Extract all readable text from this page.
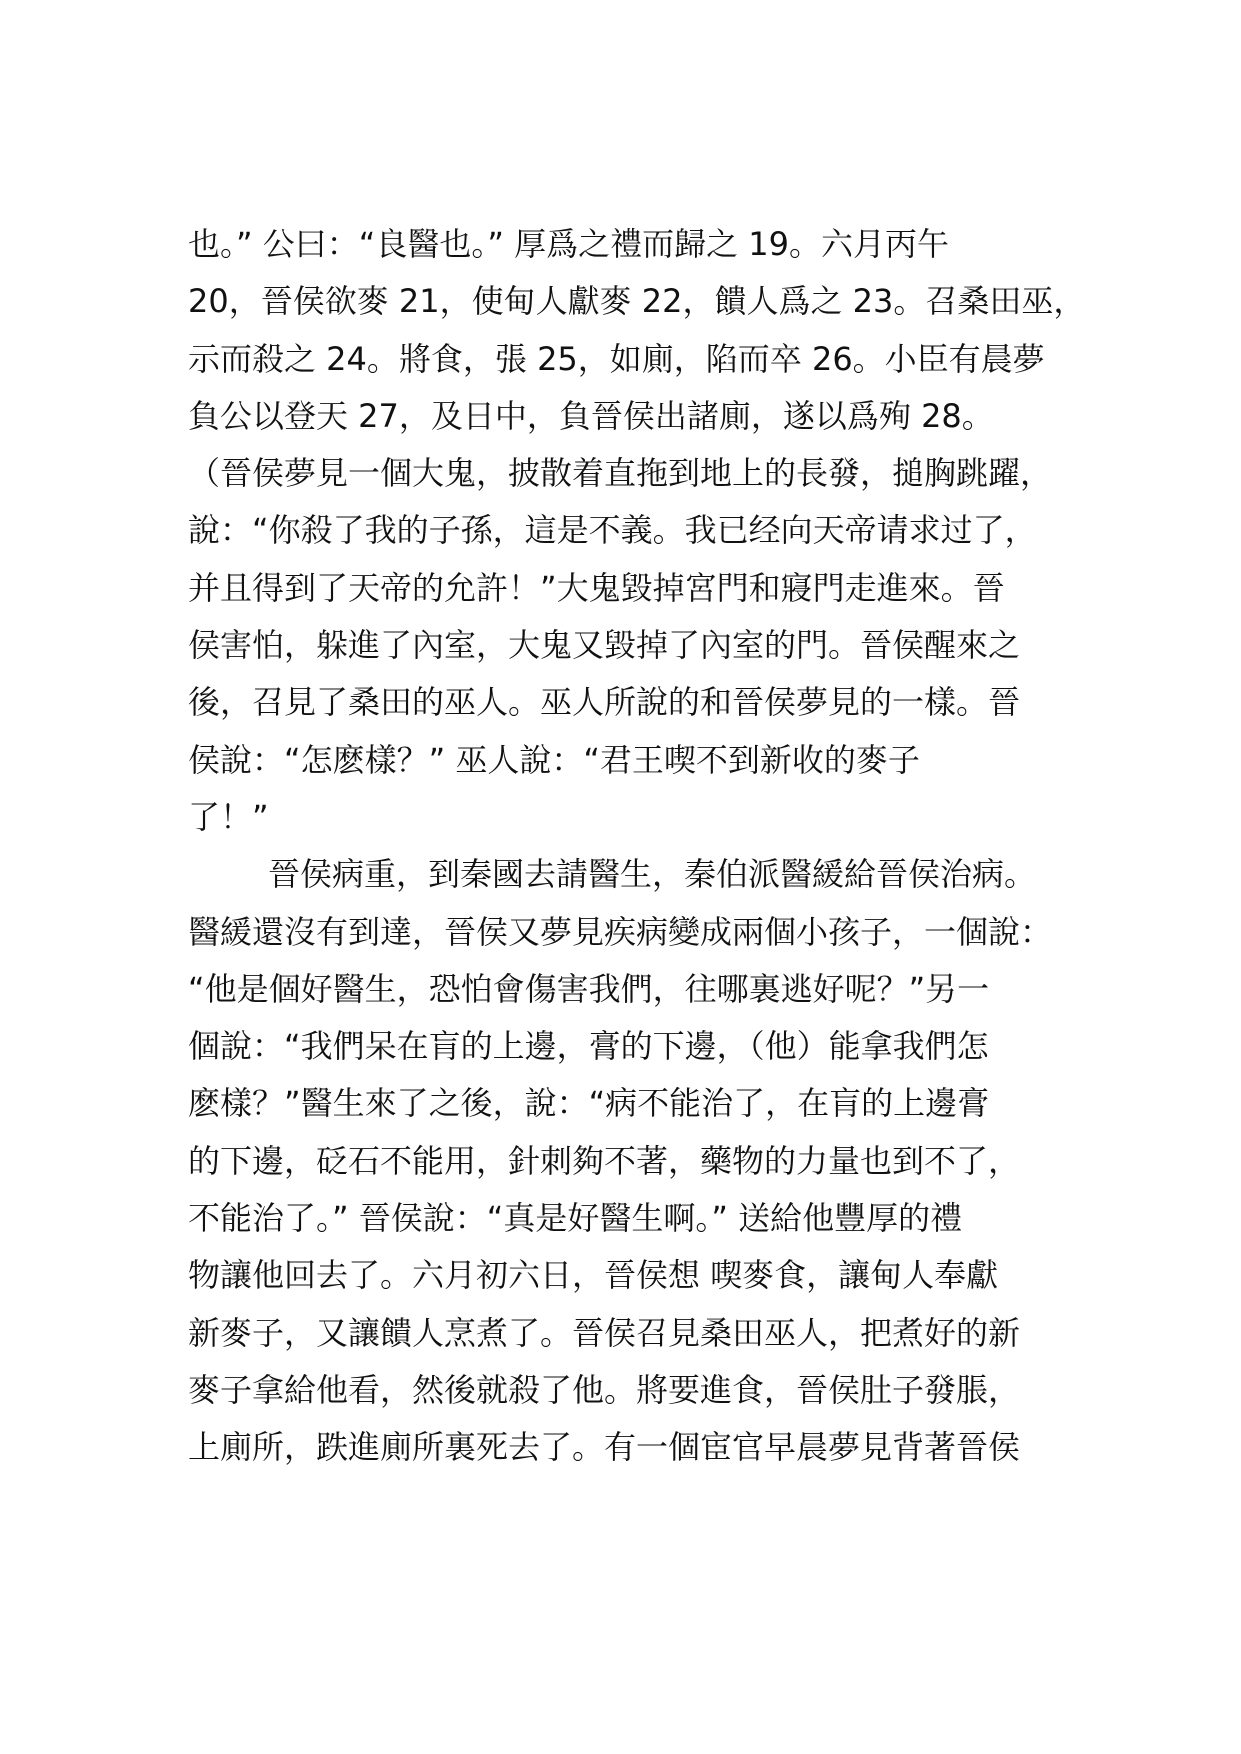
也。” 公曰：“良醫也。” 厚爲之禮而歸之 19。六月丙午

20，晉侯欲麥 21，使甸人獻麥 22，饋人爲之 23。召桑田巫，

示而殺之 24。將食，張 25，如廁，陷而卒 26。小臣有晨夢

負公以登天 27，及日中，負晉侯出諸廁，遂以爲殉 28。

（晉侯夢見一個大鬼，披散着直拖到地上的長發，搥胸跳躍，

說：“你殺了我的子孫，這是不義。我已经向天帝请求过了，

并且得到了天帝的允許！”大鬼毀掉宮門和寢門走進來。晉

侯害怕，躲進了內室，大鬼又毀掉了內室的門。晉侯醒來之

後，召見了桑田的巫人。巫人所說的和晉侯夢見的一樣。晉

侯說：“怎麽樣？” 巫人說：“君王喫不到新收的麥子

了！”

晉侯病重，到秦國去請醫生，秦伯派醫緩給晉侯治病。

醫緩還沒有到達，晉侯又夢見疾病變成兩個小孩子，一個說：

“他是個好醫生，恐怕會傷害我們，往哪裏逃好呢？”另一

個說：“我們呆在肓的上邊，膏的下邊，（他）能拿我們怎

麽樣？”醫生來了之後，說：“病不能治了，在肓的上邊膏

的下邊，砭石不能用，針刺夠不著，藥物的力量也到不了，

不能治了。” 晉侯說：“真是好醫生啊。” 送給他豐厚的禮

物讓他回去了。六月初六日，晉侯想 喫麥食，讓甸人奉獻

新麥子，又讓饋人烹煮了。晉侯召見桑田巫人，把煮好的新

麥子拿給他看，然後就殺了他。將要進食，晉侯肚子發脹，

上廁所，跌進廁所裏死去了。有一個宦官早晨夢見背著晉侯
